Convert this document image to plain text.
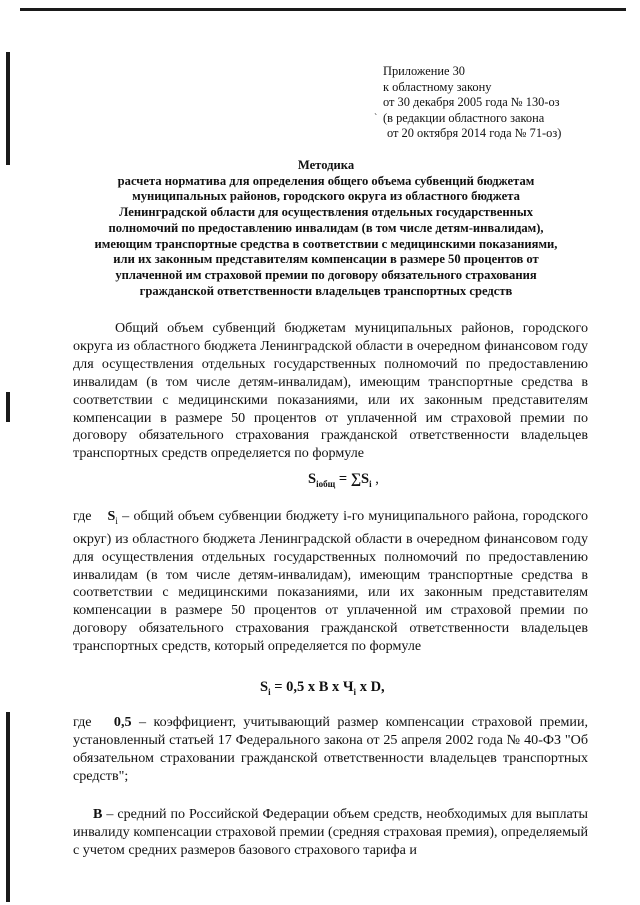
`
Приложение 30
к областному закону
от 30 декабря 2005 года № 130-оз
(в редакции областного закона
от 20 октября 2014 года № 71-оз)
Методика
расчета норматива для определения общего объема субвенций бюджетам
муниципальных районов, городского округа из областного бюджета
Ленинградской области для осуществления отдельных государственных
полномочий по предоставлению инвалидам (в том числе детям-инвалидам),
имеющим транспортные средства в соответствии с медицинскими показаниями,
или их законным представителям компенсации в размере 50 процентов от
уплаченной им страховой премии по договору обязательного страхования
гражданской ответственности владельцев транспортных средств
Общий объем субвенций бюджетам муниципальных районов, городского округа из областного бюджета Ленинградской области в очередном финансовом году для осуществления отдельных государственных полномочий по предоставлению инвалидам (в том числе детям-инвалидам), имеющим транспортные средства в соответствии с медицинскими показаниями, или их законным представителям компенсации в размере 50 процентов от уплаченной им страховой премии по договору обязательного страхования гражданской ответственности владельцев транспортных средств определяется по формуле
$S_{iобщ} = \sum S_i$ ,
где $S_i$ – общий объем субвенции бюджету i-го муниципального района, городского округ) из областного бюджета Ленинградской области в очередном финансовом году для осуществления отдельных государственных полномочий по предоставлению инвалидам (в том числе детям-инвалидам), имеющим транспортные средства в соответствии с медицинскими показаниями, или их законным представителям компенсации в размере 50 процентов от уплаченной им страховой премии по договору обязательного страхования гражданской ответственности владельцев транспортных средств, который определяется по формуле
$S_i = 0,5$ x B x $Ч_i$ x D,
где 0,5 – коэффициент, учитывающий размер компенсации страховой премии, установленный статьей 17 Федерального закона от 25 апреля 2002 года № 40-ФЗ "Об обязательном страховании гражданской ответственности владельцев транспортных средств";
B – средний по Российской Федерации объем средств, необходимых для выплаты инвалиду компенсации страховой премии (средняя страховая премия), определяемый с учетом средних размеров базового страхового тарифа и
